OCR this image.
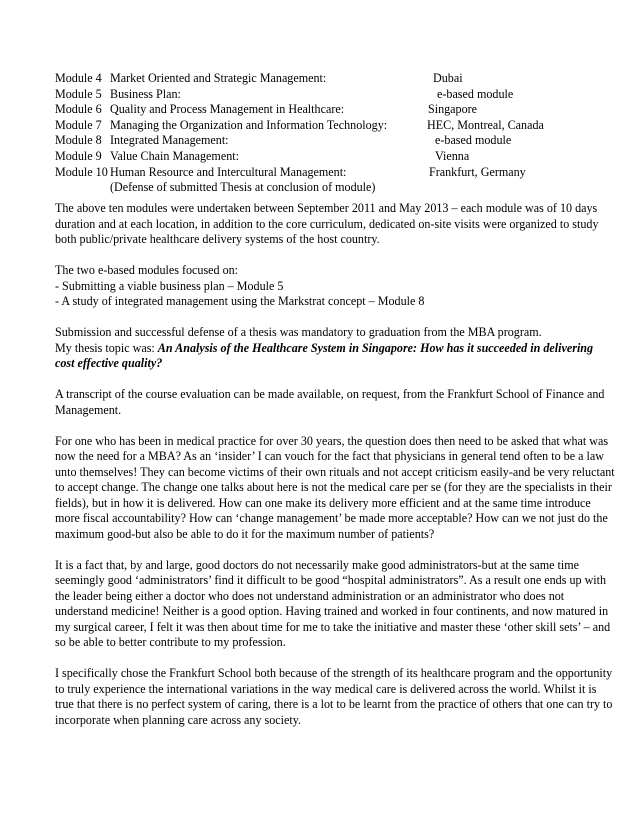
Module 4 Market Oriented and Strategic Management:	Dubai
Module 5 Business Plan:	e-based module
Module 6 Quality and Process Management in Healthcare:	Singapore
Module 7 Managing the Organization and Information Technology:	HEC, Montreal, Canada
Module 8 Integrated Management:	e-based module
Module 9 Value Chain Management:	Vienna
Module 10 Human Resource and Intercultural Management:	Frankfurt, Germany
(Defense of submitted Thesis at conclusion of module)

The above ten modules were undertaken between September 2011 and May 2013 – each module was of 10 days duration and at each location, in addition to the core curriculum, dedicated on-site visits were organized to study both public/private healthcare delivery systems of the host country.

The two e-based modules focused on:

- Submitting a viable business plan – Module 5

- A study of integrated management using the Markstrat concept – Module 8

Submission and successful defense of a thesis was mandatory to graduation from the MBA program.
My thesis topic was: An Analysis of the Healthcare System in Singapore: How has it succeeded in delivering cost effective quality?

A transcript of the course evaluation can be made available, on request, from the Frankfurt School of Finance and Management.

For one who has been in medical practice for over 30 years, the question does then need to be asked that what was now the need for a MBA? As an ‘insider’ I can vouch for the fact that physicians in general tend often to be a law unto themselves! They can become victims of their own rituals and not accept criticism easily-and be very reluctant to accept change. The change one talks about here is not the medical care per se (for they are the specialists in their fields), but in how it is delivered. How can one make its delivery more efficient and at the same time introduce more fiscal accountability? How can ‘change management’ be made more acceptable? How can we not just do the maximum good-but also be able to do it for the maximum number of patients?

It is a fact that, by and large, good doctors do not necessarily make good administrators-but at the same time seemingly good ‘administrators’ find it difficult to be good “hospital administrators”. As a result one ends up with the leader being either a doctor who does not understand administration or an administrator who does not understand medicine! Neither is a good option. Having trained and worked in four continents, and now matured in my surgical career, I felt it was then about time for me to take the initiative and master these ‘other skill sets’ – and so be able to better contribute to my profession.

I specifically chose the Frankfurt School both because of the strength of its healthcare program and the opportunity to truly experience the international variations in the way medical care is delivered across the world. Whilst it is true that there is no perfect system of caring, there is a lot to be learnt from the practice of others that one can try to incorporate when planning care across any society.
